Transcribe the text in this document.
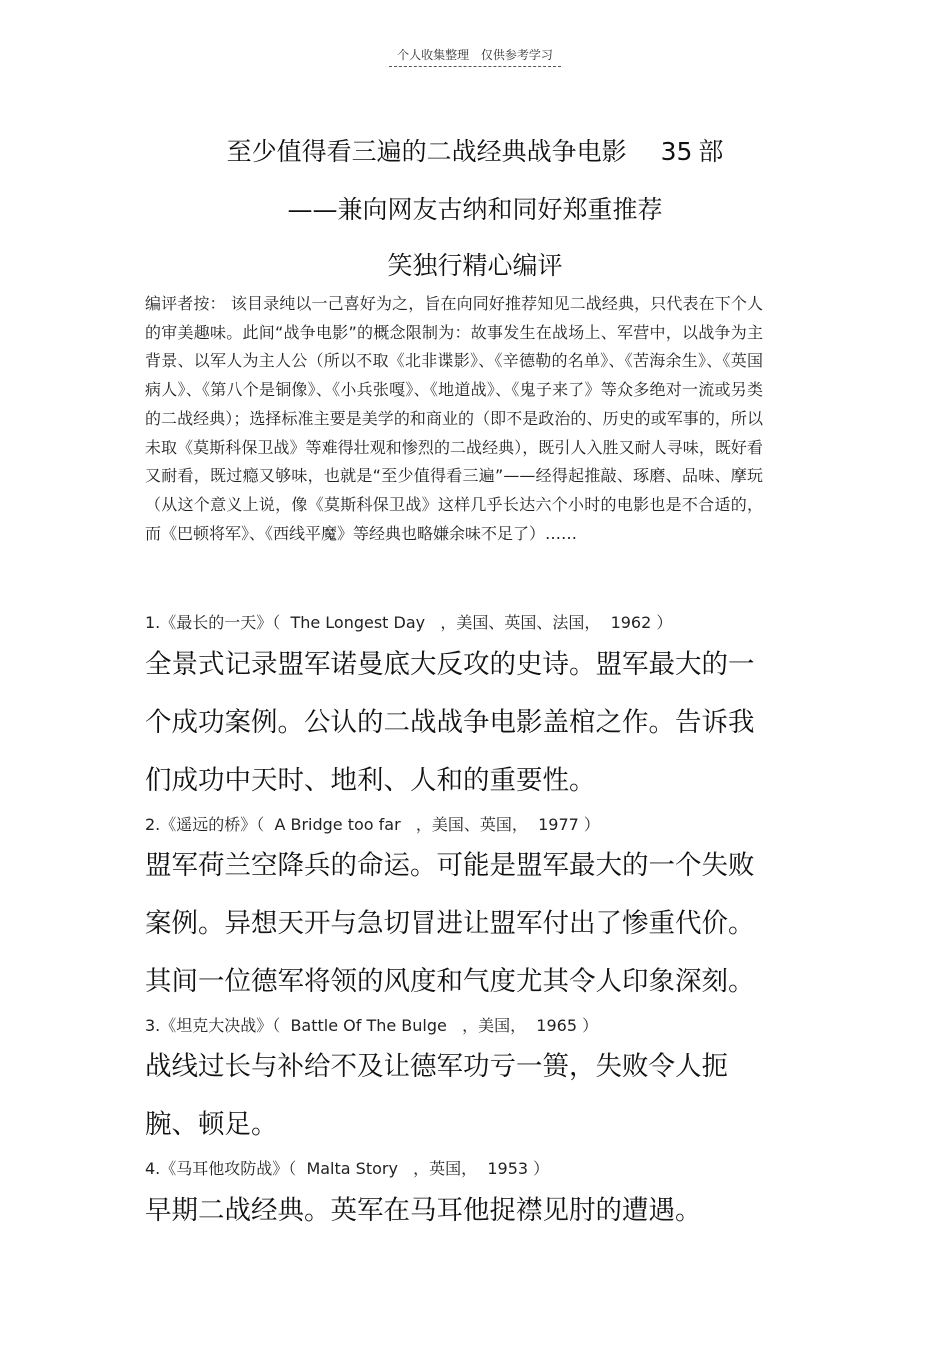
个人收集整理 仅供参考学习
至少值得看三遍的二战经典战争电影 35 部
——兼向网友古纳和同好郑重推荐
笑独行精心编评
编评者按： 该目录纯以一己喜好为之，旨在向同好推荐知见二战经典，只代表在下个人的审美趣味。此间“战争电影”的概念限制为：故事发生在战场上、军营中，以战争为主背景、以军人为主人公（所以不取《北非谍影》、《辛德勒的名单》、《苦海余生》、《英国病人》、《第八个是铜像》、《小兵张嘎》、《地道战》、《鬼子来了》等众多绝对一流或另类的二战经典）；选择标准主要是美学的和商业的（即不是政治的、历史的或军事的，所以未取《莫斯科保卫战》等难得壮观和惨烈的二战经典），既引人入胜又耐人寻味，既好看又耐看，既过瘾又够味，也就是“至少值得看三遍”——经得起推敲、琢磨、品味、摩玩（从这个意义上说，像《莫斯科保卫战》这样几乎长达六个小时的电影也是不合适的，而《巴顿将军》、《西线平魔》等经典也略嫌余味不足了）……
1.《最长的一天》（  The Longest Day   ，美国、英国、法国，  1962 ）
全景式记录盟军诺曼底大反攻的史诗。盟军最大的一个成功案例。公认的二战战争电影盖棺之作。告诉我们成功中天时、地利、人和的重要性。
2.《遥远的桥》（  A Bridge too far   ，美国、英国，  1977 ）
盟军荷兰空降兵的命运。可能是盟军最大的一个失败案例。异想天开与急切冒进让盟军付出了惨重代价。其间一位德军将领的风度和气度尤其令人印象深刻。
3.《坦克大决战》（  Battle Of The Bulge   ，美国，  1965 ）
战线过长与补给不及让德军功亏一篑，失败令人扼腕、顿足。
4.《马耳他攻防战》（  Malta Story   ，英国，  1953 ）
早期二战经典。英军在马耳他捉襟见肘的遭遇。
